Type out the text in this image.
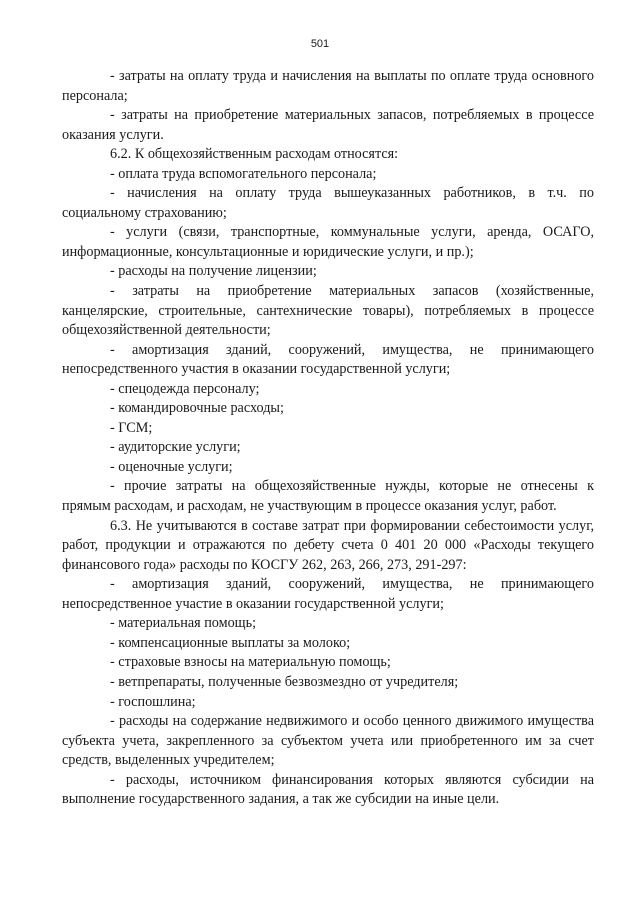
501

- затраты на оплату труда и начисления на выплаты по оплате труда основного персонала;

- затраты на приобретение материальных запасов, потребляемых в процессе оказания услуги.

6.2. К общехозяйственным расходам относятся:

- оплата труда вспомогательного персонала;

- начисления на оплату труда вышеуказанных работников, в т.ч. по социальному страхованию;

- услуги (связи, транспортные, коммунальные услуги, аренда, ОСАГО, информационные, консультационные и юридические услуги, и пр.);

- расходы на получение лицензии;

- затраты на приобретение материальных запасов (хозяйственные, канцелярские, строительные, сантехнические товары), потребляемых в процессе общехозяйственной деятельности;

- амортизация зданий, сооружений, имущества, не принимающего непосредственного участия в оказании государственной услуги;

- спецодежда персоналу;

- командировочные расходы;

- ГСМ;

- аудиторские услуги;

- оценочные услуги;

- прочие затраты на общехозяйственные нужды, которые не отнесены к прямым расходам, и расходам, не участвующим в процессе оказания услуг, работ.

6.3. Не учитываются в составе затрат при формировании себестоимости услуг, работ, продукции и отражаются по дебету счета 0 401 20 000 «Расходы текущего финансового года» расходы по КОСГУ 262, 263, 266, 273, 291-297:

- амортизация зданий, сооружений, имущества, не принимающего непосредственное участие в оказании государственной услуги;

- материальная помощь;

- компенсационные выплаты за молоко;

- страховые взносы на материальную помощь;

- ветпрепараты, полученные безвозмездно от учредителя;

- госпошлина;

- расходы на содержание недвижимого и особо ценного движимого имущества субъекта учета, закрепленного за субъектом учета или приобретенного им за счет средств, выделенных учредителем;

- расходы, источником финансирования которых являются субсидии на выполнение государственного задания, а так же субсидии на иные цели.
